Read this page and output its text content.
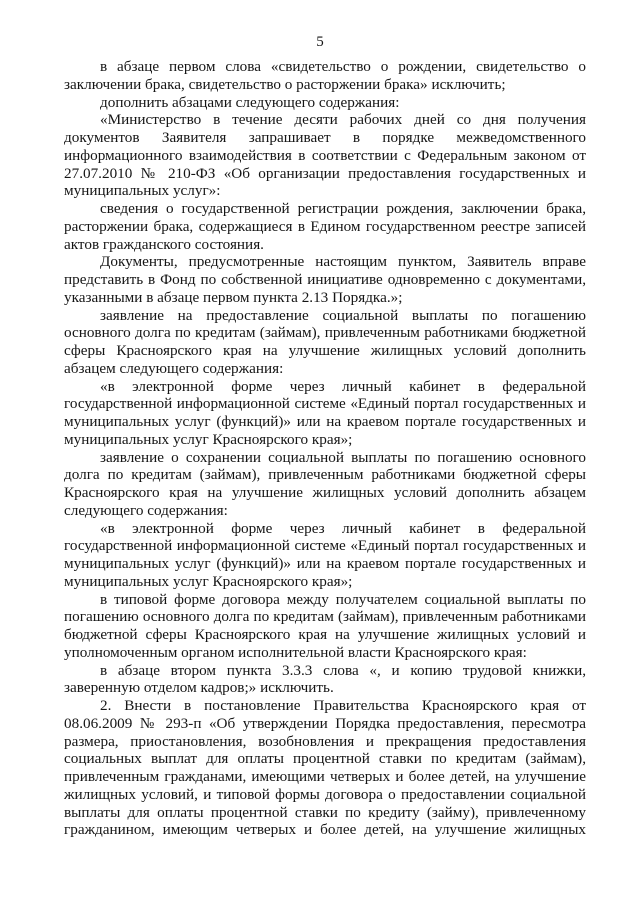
5

в абзаце первом слова «свидетельство о рождении, свидетельство о заключении брака, свидетельство о расторжении брака» исключить;

дополнить абзацами следующего содержания:

«Министерство в течение десяти рабочих дней со дня получения документов Заявителя запрашивает в порядке межведомственного информационного взаимодействия в соответствии с Федеральным законом от 27.07.2010 № 210-ФЗ «Об организации предоставления государственных и муниципальных услуг»:

сведения о государственной регистрации рождения, заключении брака, расторжении брака, содержащиеся в Едином государственном реестре записей актов гражданского состояния.

Документы, предусмотренные настоящим пунктом, Заявитель вправе представить в Фонд по собственной инициативе одновременно с документами, указанными в абзаце первом пункта 2.13 Порядка.»;

заявление на предоставление социальной выплаты по погашению основного долга по кредитам (займам), привлеченным работниками бюджетной сферы Красноярского края на улучшение жилищных условий дополнить абзацем следующего содержания:

«в электронной форме через личный кабинет в федеральной государственной информационной системе «Единый портал государственных и муниципальных услуг (функций)» или на краевом портале государственных и муниципальных услуг Красноярского края»;

заявление о сохранении социальной выплаты по погашению основного долга по кредитам (займам), привлеченным работниками бюджетной сферы Красноярского края на улучшение жилищных условий дополнить абзацем следующего содержания:

«в электронной форме через личный кабинет в федеральной государственной информационной системе «Единый портал государственных и муниципальных услуг (функций)» или на краевом портале государственных и муниципальных услуг Красноярского края»;

в типовой форме договора между получателем социальной выплаты по погашению основного долга по кредитам (займам), привлеченным работниками бюджетной сферы Красноярского края на улучшение жилищных условий и уполномоченным органом исполнительной власти Красноярского края:

в абзаце втором пункта 3.3.3 слова «, и копию трудовой книжки, заверенную отделом кадров;» исключить.

2. Внести в постановление Правительства Красноярского края от 08.06.2009 № 293-п «Об утверждении Порядка предоставления, пересмотра размера, приостановления, возобновления и прекращения предоставления социальных выплат для оплаты процентной ставки по кредитам (займам), привлеченным гражданами, имеющими четверых и более детей, на улучшение жилищных условий, и типовой формы договора о предоставлении социальной выплаты для оплаты процентной ставки по кредиту (займу), привлеченному гражданином, имеющим четверых и более детей, на улучшение жилищных
